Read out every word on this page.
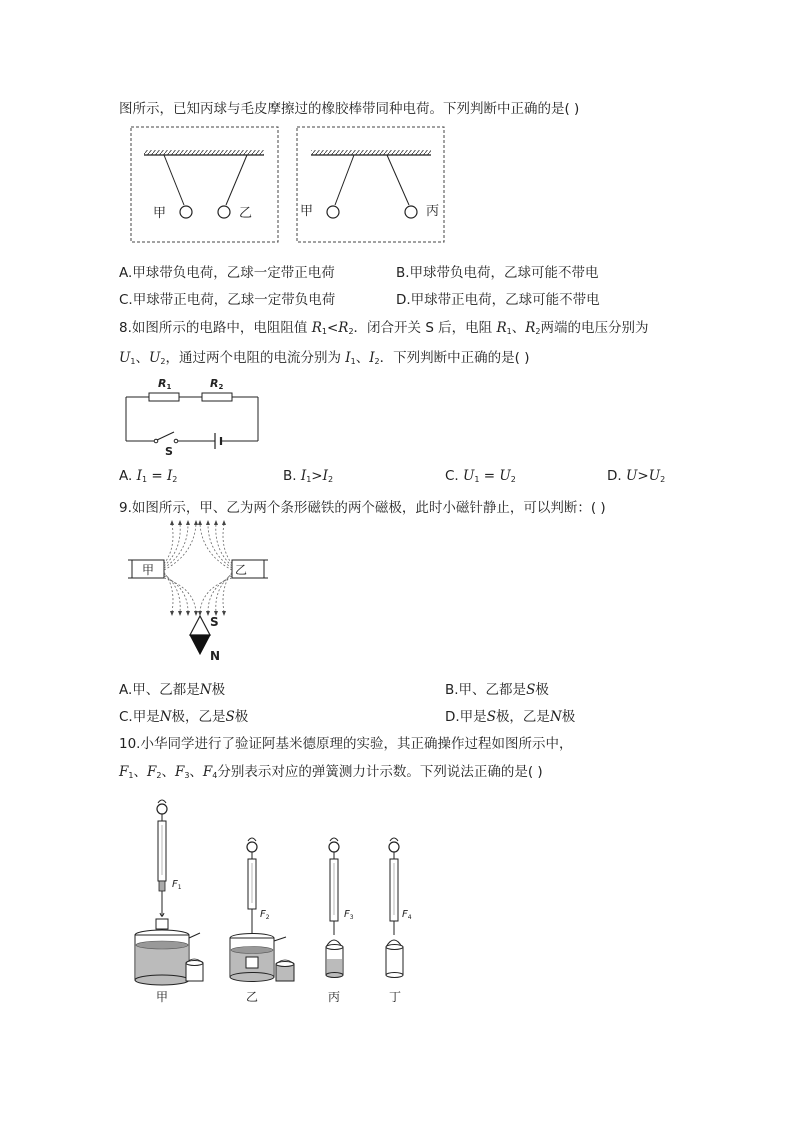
图所示，已知丙球与毛皮摩擦过的橡胶棒带同种电荷。下列判断中正确的是( )
甲	乙	甲	丙
A.甲球带负电荷，乙球一定带正电荷	B.甲球带负电荷，乙球可能不带电
C.甲球带正电荷，乙球一定带负电荷	D.甲球带正电荷，乙球可能不带电
8.如图所示的电路中，电阻阻值 $R_1<R_2$．闭合开关 S 后，电阻 $R_1$、$R_2$两端的电压分别为
$U_1$、$U_2$，通过两个电阻的电流分别为 $I_1$、$I_2$．下列判断中正确的是( )
R1	R2
S
A. $I_1 = I_2$	B. $I_1>I_2$	C. $U_1 = U_2$	D. $U>U_2$
9.如图所示，甲、乙为两个条形磁铁的两个磁极，此时小磁针静止，可以判断：( )
甲	乙
S
N
A.甲、乙都是N极	B.甲、乙都是S极
C.甲是N极，乙是S极	D.甲是S极，乙是N极
10.小华同学进行了验证阿基米德原理的实验，其正确操作过程如图所示中，
$F_1$、$F_2$、$F_3$、$F_4$分别表示对应的弹簧测力计示数。下列说法正确的是( )
$F_1$
甲
$F_2$
乙
$F_3$
丙
$F_4$
丁
